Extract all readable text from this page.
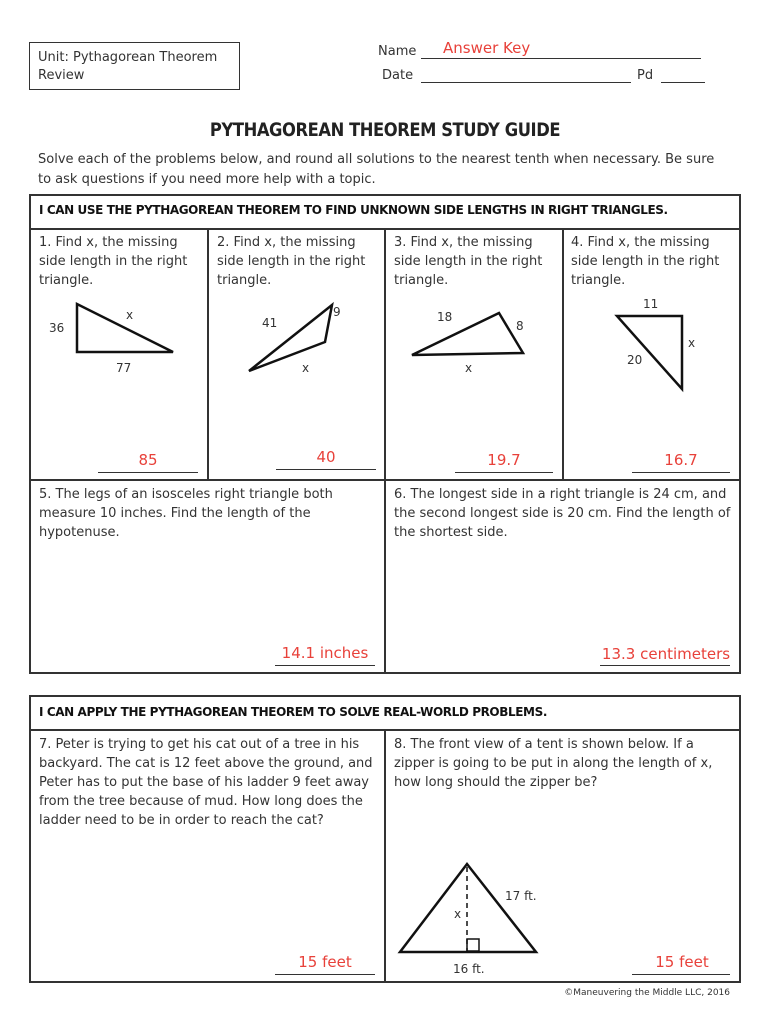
Unit: Pythagorean Theorem
Review
Name Answer Key
Date	Pd
PYTHAGOREAN THEOREM STUDY GUIDE
Solve each of the problems below, and round all solutions to the nearest tenth when necessary. Be sure to ask questions if you need more help with a topic.
I CAN USE THE PYTHAGOREAN THEOREM TO FIND UNKNOWN SIDE LENGTHS IN RIGHT TRIANGLES.
1. Find x, the missing side length in the right triangle.
36
x
77
85
2. Find x, the missing side length in the right triangle.
41
9
x
40
3. Find x, the missing side length in the right triangle.
18
8
x
19.7
4. Find x, the missing side length in the right triangle.
11
x
20
16.7
5. The legs of an isosceles right triangle both measure 10 inches. Find the length of the hypotenuse.
14.1 inches
6. The longest side in a right triangle is 24 cm, and the second longest side is 20 cm. Find the length of the shortest side.
13.3 centimeters
I CAN APPLY THE PYTHAGOREAN THEOREM TO SOLVE REAL-WORLD PROBLEMS.
7. Peter is trying to get his cat out of a tree in his backyard. The cat is 12 feet above the ground, and Peter has to put the base of his ladder 9 feet away from the tree because of mud. How long does the ladder need to be in order to reach the cat?
15 feet
8. The front view of a tent is shown below. If a zipper is going to be put in along the length of x, how long should the zipper be?
17 ft.
x
16 ft.	15 feet
©Maneuvering the Middle LLC, 2016
